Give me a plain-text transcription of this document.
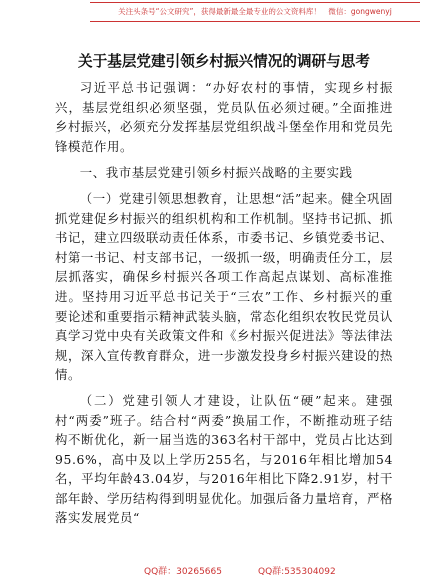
关注头条号“公文研究”，获得最新最全最专业的公文资料库！　微信：gongwenyj
关于基层党建引领乡村振兴情况的调研与思考

习近平总书记强调：“办好农村的事情，实现乡村振兴，基层党组织必须坚强，党员队伍必须过硬。”全面推进乡村振兴，必须充分发挥基层党组织战斗堡垒作用和党员先锋模范作用。

一、我市基层党建引领乡村振兴战略的主要实践

（一）党建引领思想教育，让思想“活”起来。健全巩固抓党建促乡村振兴的组织机构和工作机制。坚持书记抓、抓书记，建立四级联动责任体系，市委书记、乡镇党委书记、村第一书记、村支部书记，一级抓一级，明确责任分工，层层抓落实，确保乡村振兴各项工作高起点谋划、高标准推进。坚持用习近平总书记关于“三农”工作、乡村振兴的重要论述和重要指示精神武装头脑，常态化组织农牧民党员认真学习党中央有关政策文件和《乡村振兴促进法》等法律法规，深入宣传教育群众，进一步激发投身乡村振兴建设的热情。

（二）党建引领人才建设，让队伍“硬”起来。建强村“两委”班子。结合村“两委”换届工作，不断推动班子结构不断优化，新一届当选的363名村干部中，党员占比达到95.6%，高中及以上学历255名，与2016年相比增加54名，平均年龄43.04岁，与2016年相比下降2.91岁，村干部年龄、学历结构得到明显优化。加强后备力量培育，严格落实发展党员“

QQ群：30265665	QQ群:535304092
